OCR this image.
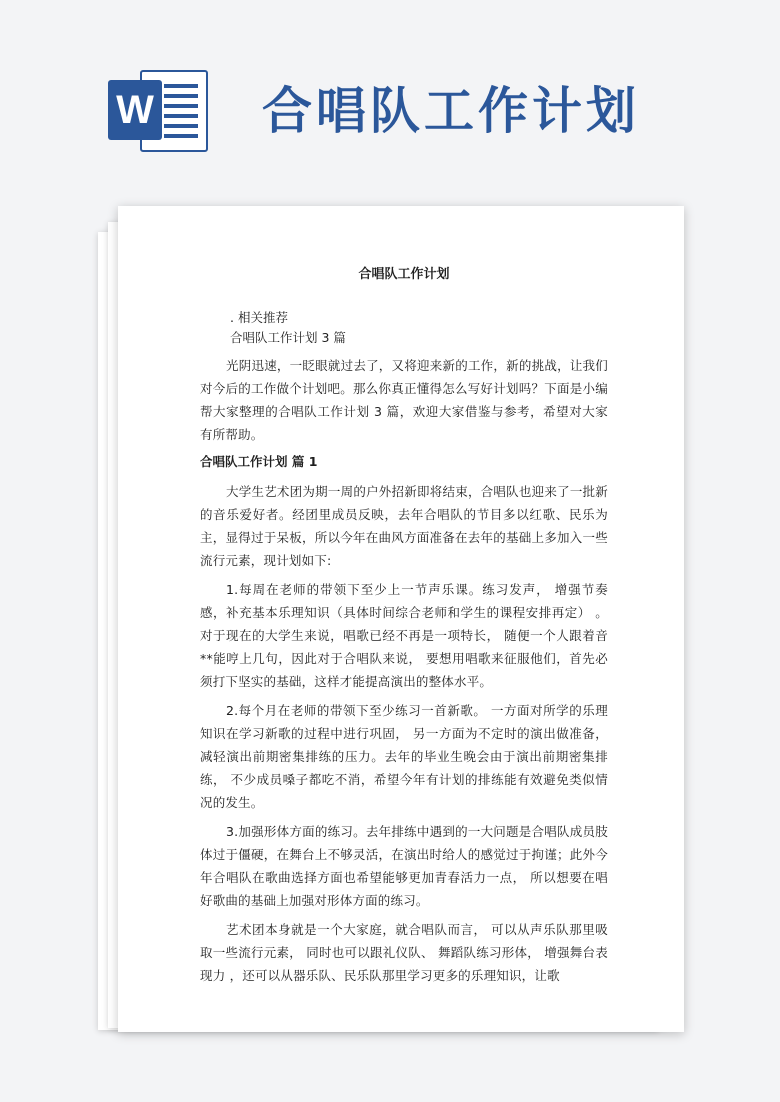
W 合唱队工作计划
合唱队工作计划
. 相关推荐
合唱队工作计划 3 篇
光阴迅速，一眨眼就过去了，又将迎来新的工作，新的挑战，让我们对今后的工作做个计划吧。那么你真正懂得怎么写好计划吗？下面是小编帮大家整理的合唱队工作计划 3 篇，欢迎大家借鉴与参考，希望对大家有所帮助。
合唱队工作计划 篇 1
大学生艺术团为期一周的户外招新即将结束，合唱队也迎来了一批新的音乐爱好者。经团里成员反映，去年合唱队的节目多以红歌、民乐为主，显得过于呆板，所以今年在曲风方面准备在去年的基础上多加入一些流行元素，现计划如下:
1.每周在老师的带领下至少上一节声乐课。练习发声， 增强节奏感，补充基本乐理知识（具体时间综合老师和学生的课程安排再定） 。对于现在的大学生来说，唱歌已经不再是一项特长， 随便一个人跟着音**能哼上几句，因此对于合唱队来说， 要想用唱歌来征服他们，首先必须打下坚实的基础，这样才能提高演出的整体水平。
2.每个月在老师的带领下至少练习一首新歌。 一方面对所学的乐理知识在学习新歌的过程中进行巩固， 另一方面为不定时的演出做准备，减轻演出前期密集排练的压力。去年的毕业生晚会由于演出前期密集排练， 不少成员嗓子都吃不消，希望今年有计划的排练能有效避免类似情况的发生。
3.加强形体方面的练习。去年排练中遇到的一大问题是合唱队成员肢体过于僵硬，在舞台上不够灵活，在演出时给人的感觉过于拘谨；此外今年合唱队在歌曲选择方面也希望能够更加青春活力一点， 所以想要在唱好歌曲的基础上加强对形体方面的练习。
艺术团本身就是一个大家庭，就合唱队而言， 可以从声乐队那里吸取一些流行元素， 同时也可以跟礼仪队、 舞蹈队练习形体， 增强舞台表现力 ，还可以从器乐队、民乐队那里学习更多的乐理知识，让歌
